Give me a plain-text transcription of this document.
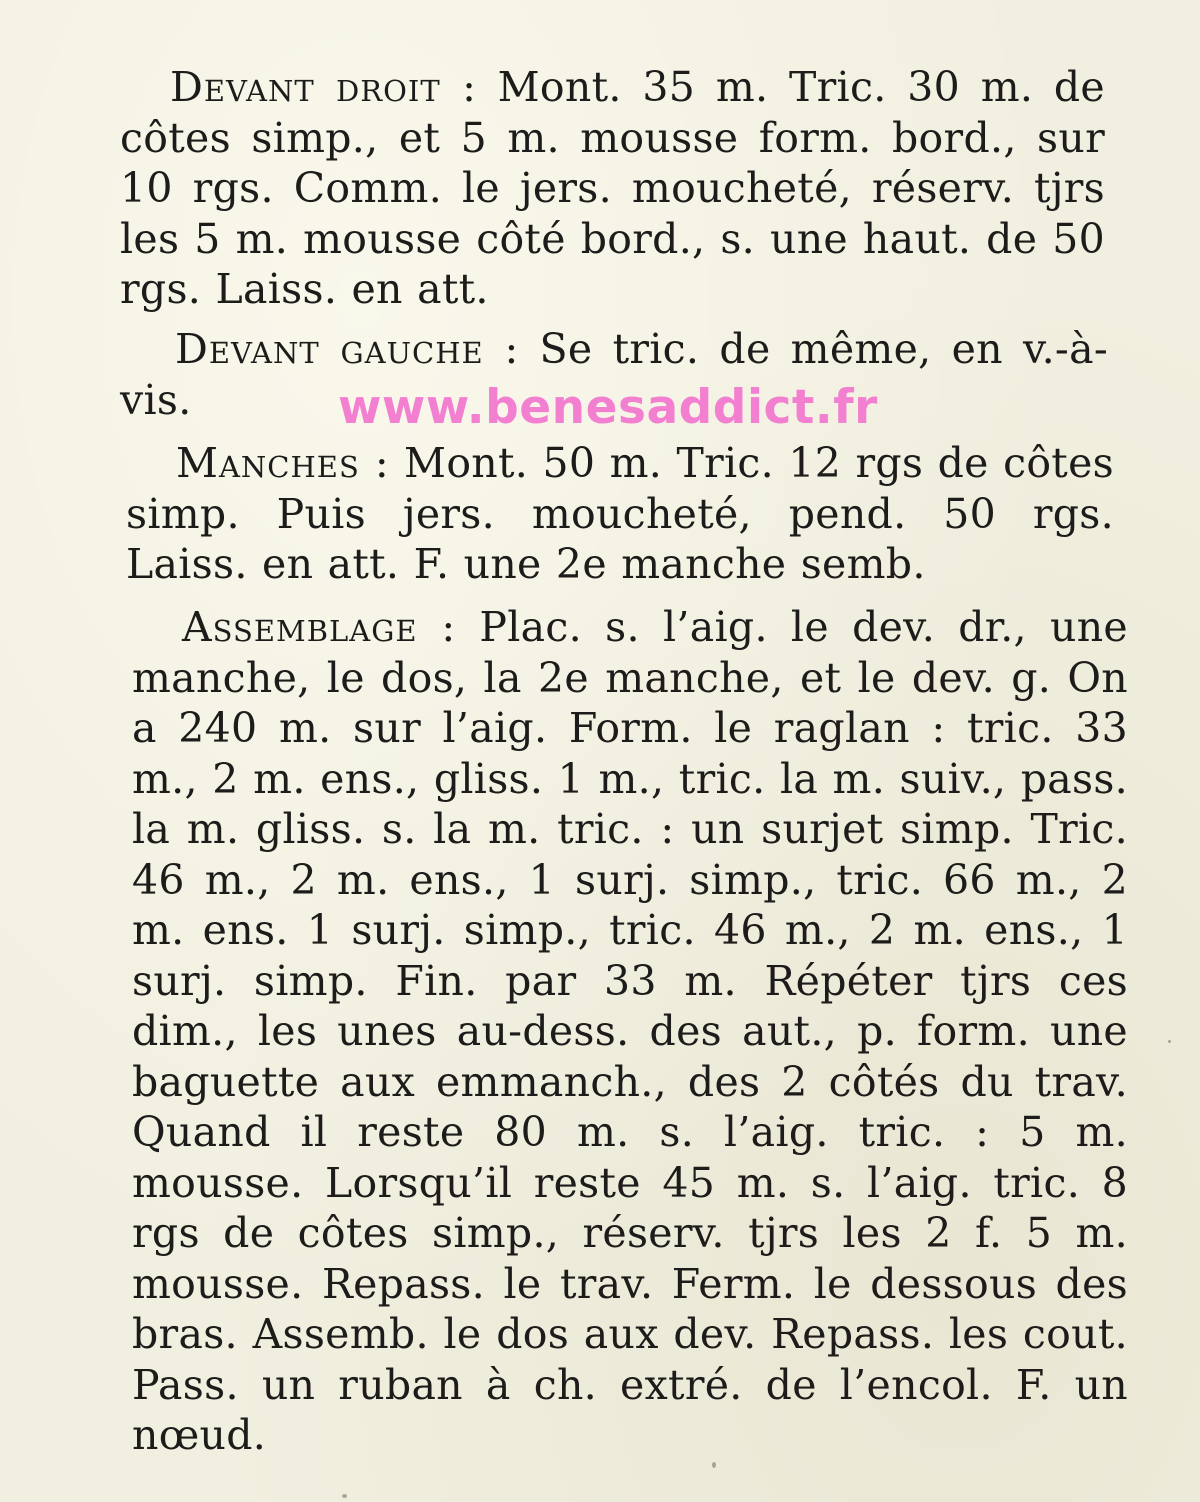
Devant droit : Mont. 35 m. Tric. 30 m. de côtes simp., et 5 m. mousse form. bord., sur 10 rgs. Comm. le jers. moucheté, réserv. tjrs les 5 m. mousse côté bord., s. une haut. de 50 rgs. Laiss. en att.

Devant gauche : Se tric. de même, en v.-à-vis.	www.benesaddict.fr

Manches : Mont. 50 m. Tric. 12 rgs de côtes simp. Puis jers. moucheté, pend. 50 rgs. Laiss. en att. F. une 2e manche semb.

Assemblage : Plac. s. l’aig. le dev. dr., une manche, le dos, la 2e manche, et le dev. g. On a 240 m. sur l’aig. Form. le raglan : tric. 33 m., 2 m. ens., gliss. 1 m., tric. la m. suiv., pass. la m. gliss. s. la m. tric. : un surjet simp. Tric. 46 m., 2 m. ens., 1 surj. simp., tric. 66 m., 2 m. ens. 1 surj. simp., tric. 46 m., 2 m. ens., 1 surj. simp. Fin. par 33 m. Répéter tjrs ces dim., les unes au-dess. des aut., p. form. une baguette aux emmanch., des 2 côtés du trav. Quand il reste 80 m. s. l’aig. tric. : 5 m. mousse. Lorsqu’il reste 45 m. s. l’aig. tric. 8 rgs de côtes simp., réserv. tjrs les 2 f. 5 m. mousse. Repass. le trav. Ferm. le dessous des bras. Assemb. le dos aux dev. Repass. les cout. Pass. un ruban à ch. extré. de l’encol. F. un nœud.
